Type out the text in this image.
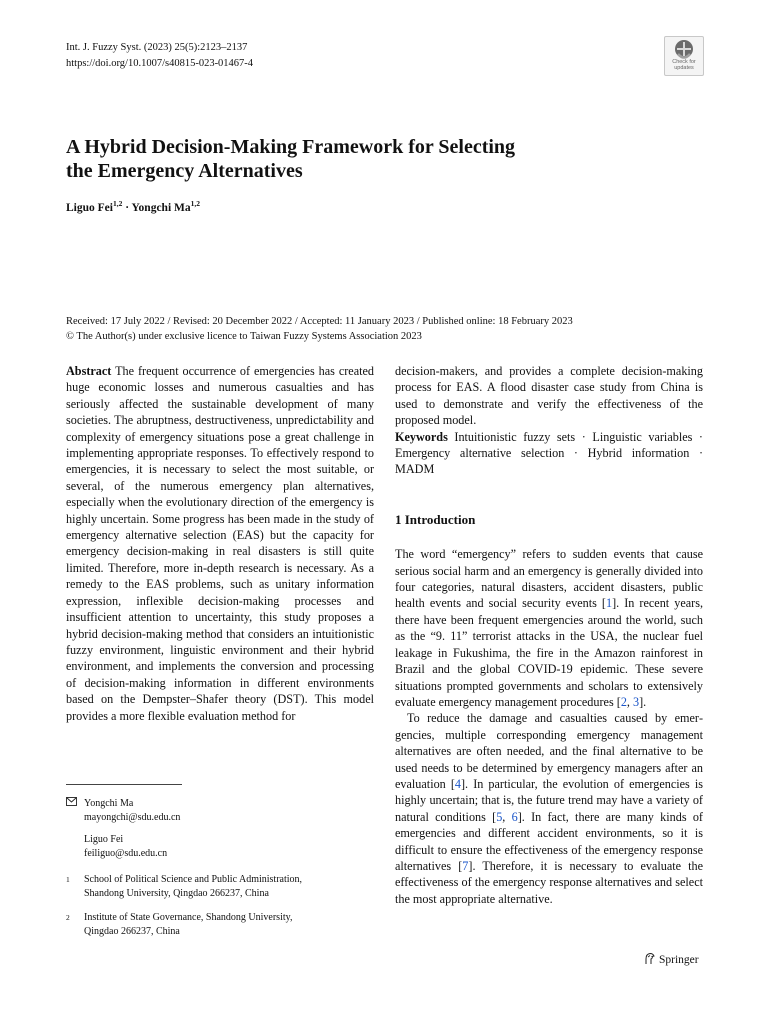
Int. J. Fuzzy Syst. (2023) 25(5):2123–2137
https://doi.org/10.1007/s40815-023-01467-4	Check for
updates
A Hybrid Decision-Making Framework for Selecting
the Emergency Alternatives
Liguo Fei$^{1,2}$ · Yongchi Ma$^{1,2}$
Received: 17 July 2022 / Revised: 20 December 2022 / Accepted: 11 January 2023 / Published online: 18 February 2023
© The Author(s) under exclusive licence to Taiwan Fuzzy Systems Association 2023

Abstract The frequent occurrence of emergencies has created huge economic losses and numerous casualties and has seriously affected the sustainable development of many societies. The abruptness, destructiveness, unpredictability and complexity of emergency situations pose a great challenge in implementing appropriate responses. To effectively respond to emergencies, it is necessary to select the most suitable, or several, of the numerous emergency plan alternatives, especially when the evolutionary direction of the emergency is highly uncertain. Some progress has been made in the study of emergency alternative selection (EAS) but the capacity for emergency decision-making in real disasters is still quite limited. Therefore, more in-depth research is necessary. As a remedy to the EAS problems, such as unitary information expression, inflexible decision-making processes and insufficient attention to uncertainty, this study proposes a hybrid decision-making method that considers an intuitionistic fuzzy environment, linguistic environment and their hybrid environment, and implements the conversion and processing of decision-making information in different environments based on the Dempster–Shafer theory (DST). This model provides a more flexible evaluation method for

Yongchi Ma
mayongchi@sdu.edu.cn
Liguo Fei
feiliguo@sdu.edu.cn
1	School of Political Science and Public Administration,
Shandong University, Qingdao 266237, China
2	Institute of State Governance, Shandong University,
Qingdao 266237, China

decision-makers, and provides a complete decision-making process for EAS. A flood disaster case study from China is used to demonstrate and verify the effectiveness of the proposed model.

Keywords Intuitionistic fuzzy sets · Linguistic variables · Emergency alternative selection · Hybrid information · MADM

1 Introduction

The word “emergency” refers to sudden events that cause serious social harm and an emergency is generally divided into four categories, natural disasters, accident disasters, public health events and social security events [1]. In recent years, there have been frequent emergencies around the world, such as the “9. 11” terrorist attacks in the USA, the nuclear fuel leakage in Fukushima, the fire in the Amazon rainforest in Brazil and the global COVID-19 epidemic. These severe situations prompted governments and scholars to extensively evaluate emergency management procedures [2, 3].

To reduce the damage and casualties caused by emergencies, multiple corresponding emergency management alternatives are often needed, and the final alternative to be used needs to be determined by emergency managers after an evaluation [4]. In particular, the evolution of emergencies is highly uncertain; that is, the future trend may have a variety of natural conditions [5, 6]. In fact, there are many kinds of emergencies and different accident environments, so it is difficult to ensure the effectiveness of the emergency response alternatives [7]. Therefore, it is necessary to evaluate the effectiveness of the emergency response alternatives and select the most appropriate alternative.

Springer
